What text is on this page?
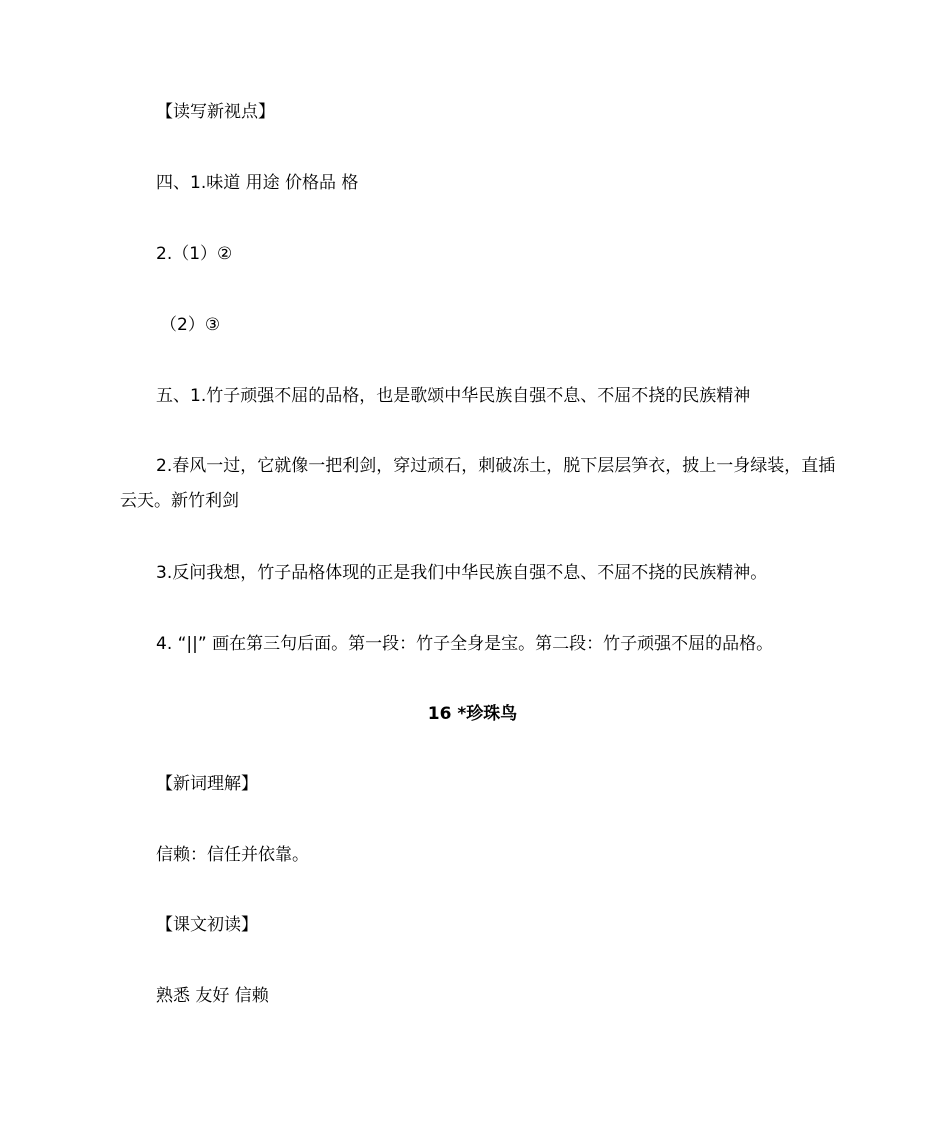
【读写新视点】
四、1.味道 用途 价格品 格
2.（1）②
（2）③
五、1.竹子顽强不屈的品格，也是歌颂中华民族自强不息、不屈不挠的民族精神
2.春风一过，它就像一把利剑，穿过顽石，刺破冻土，脱下层层笋衣，披上一身绿装，直插云天。新竹利剑
3.反问我想，竹子品格体现的正是我们中华民族自强不息、不屈不挠的民族精神。
4. “||” 画在第三句后面。第一段：竹子全身是宝。第二段：竹子顽强不屈的品格。
16 *珍珠鸟
【新词理解】
信赖：信任并依靠。
【课文初读】
熟悉 友好 信赖
